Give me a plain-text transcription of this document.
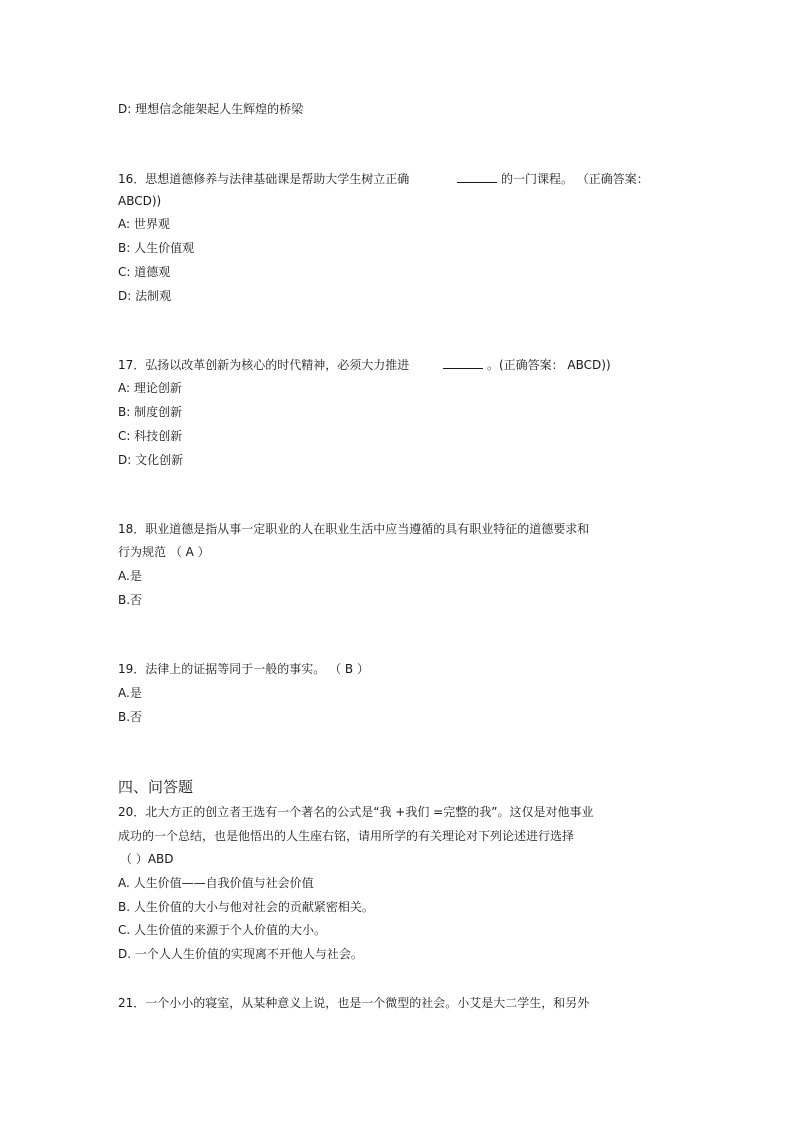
D: 理想信念能架起人生辉煌的桥梁
16．思想道德修养与法律基础课是帮助大学生树立正确	的一门课程。 （正确答案：
ABCD))
A: 世界观
B: 人生价值观
C: 道德观
D: 法制观
17．弘扬以改革创新为核心的时代精神，必须大力推进	。(正确答案： ABCD))
A: 理论创新
B: 制度创新
C: 科技创新
D: 文化创新
18．职业道德是指从事一定职业的人在职业生活中应当遵循的具有职业特征的道德要求和
行为规范 （ A ）
A.是
B.否
19．法律上的证据等同于一般的事实。 （ B ）
A.是
B.否
四、问答题
20．北大方正的创立者王选有一个著名的公式是“我 +我们 =完整的我”。这仅是对他事业
成功的一个总结，也是他悟出的人生座右铭，请用所学的有关理论对下列论述进行选择
（ ）ABD
A. 人生价值——自我价值与社会价值
B. 人生价值的大小与他对社会的贡献紧密相关。
C. 人生价值的来源于个人价值的大小。
D. 一个人人生价值的实现离不开他人与社会。
21．一个小小的寝室，从某种意义上说，也是一个微型的社会。小艾是大二学生，和另外
